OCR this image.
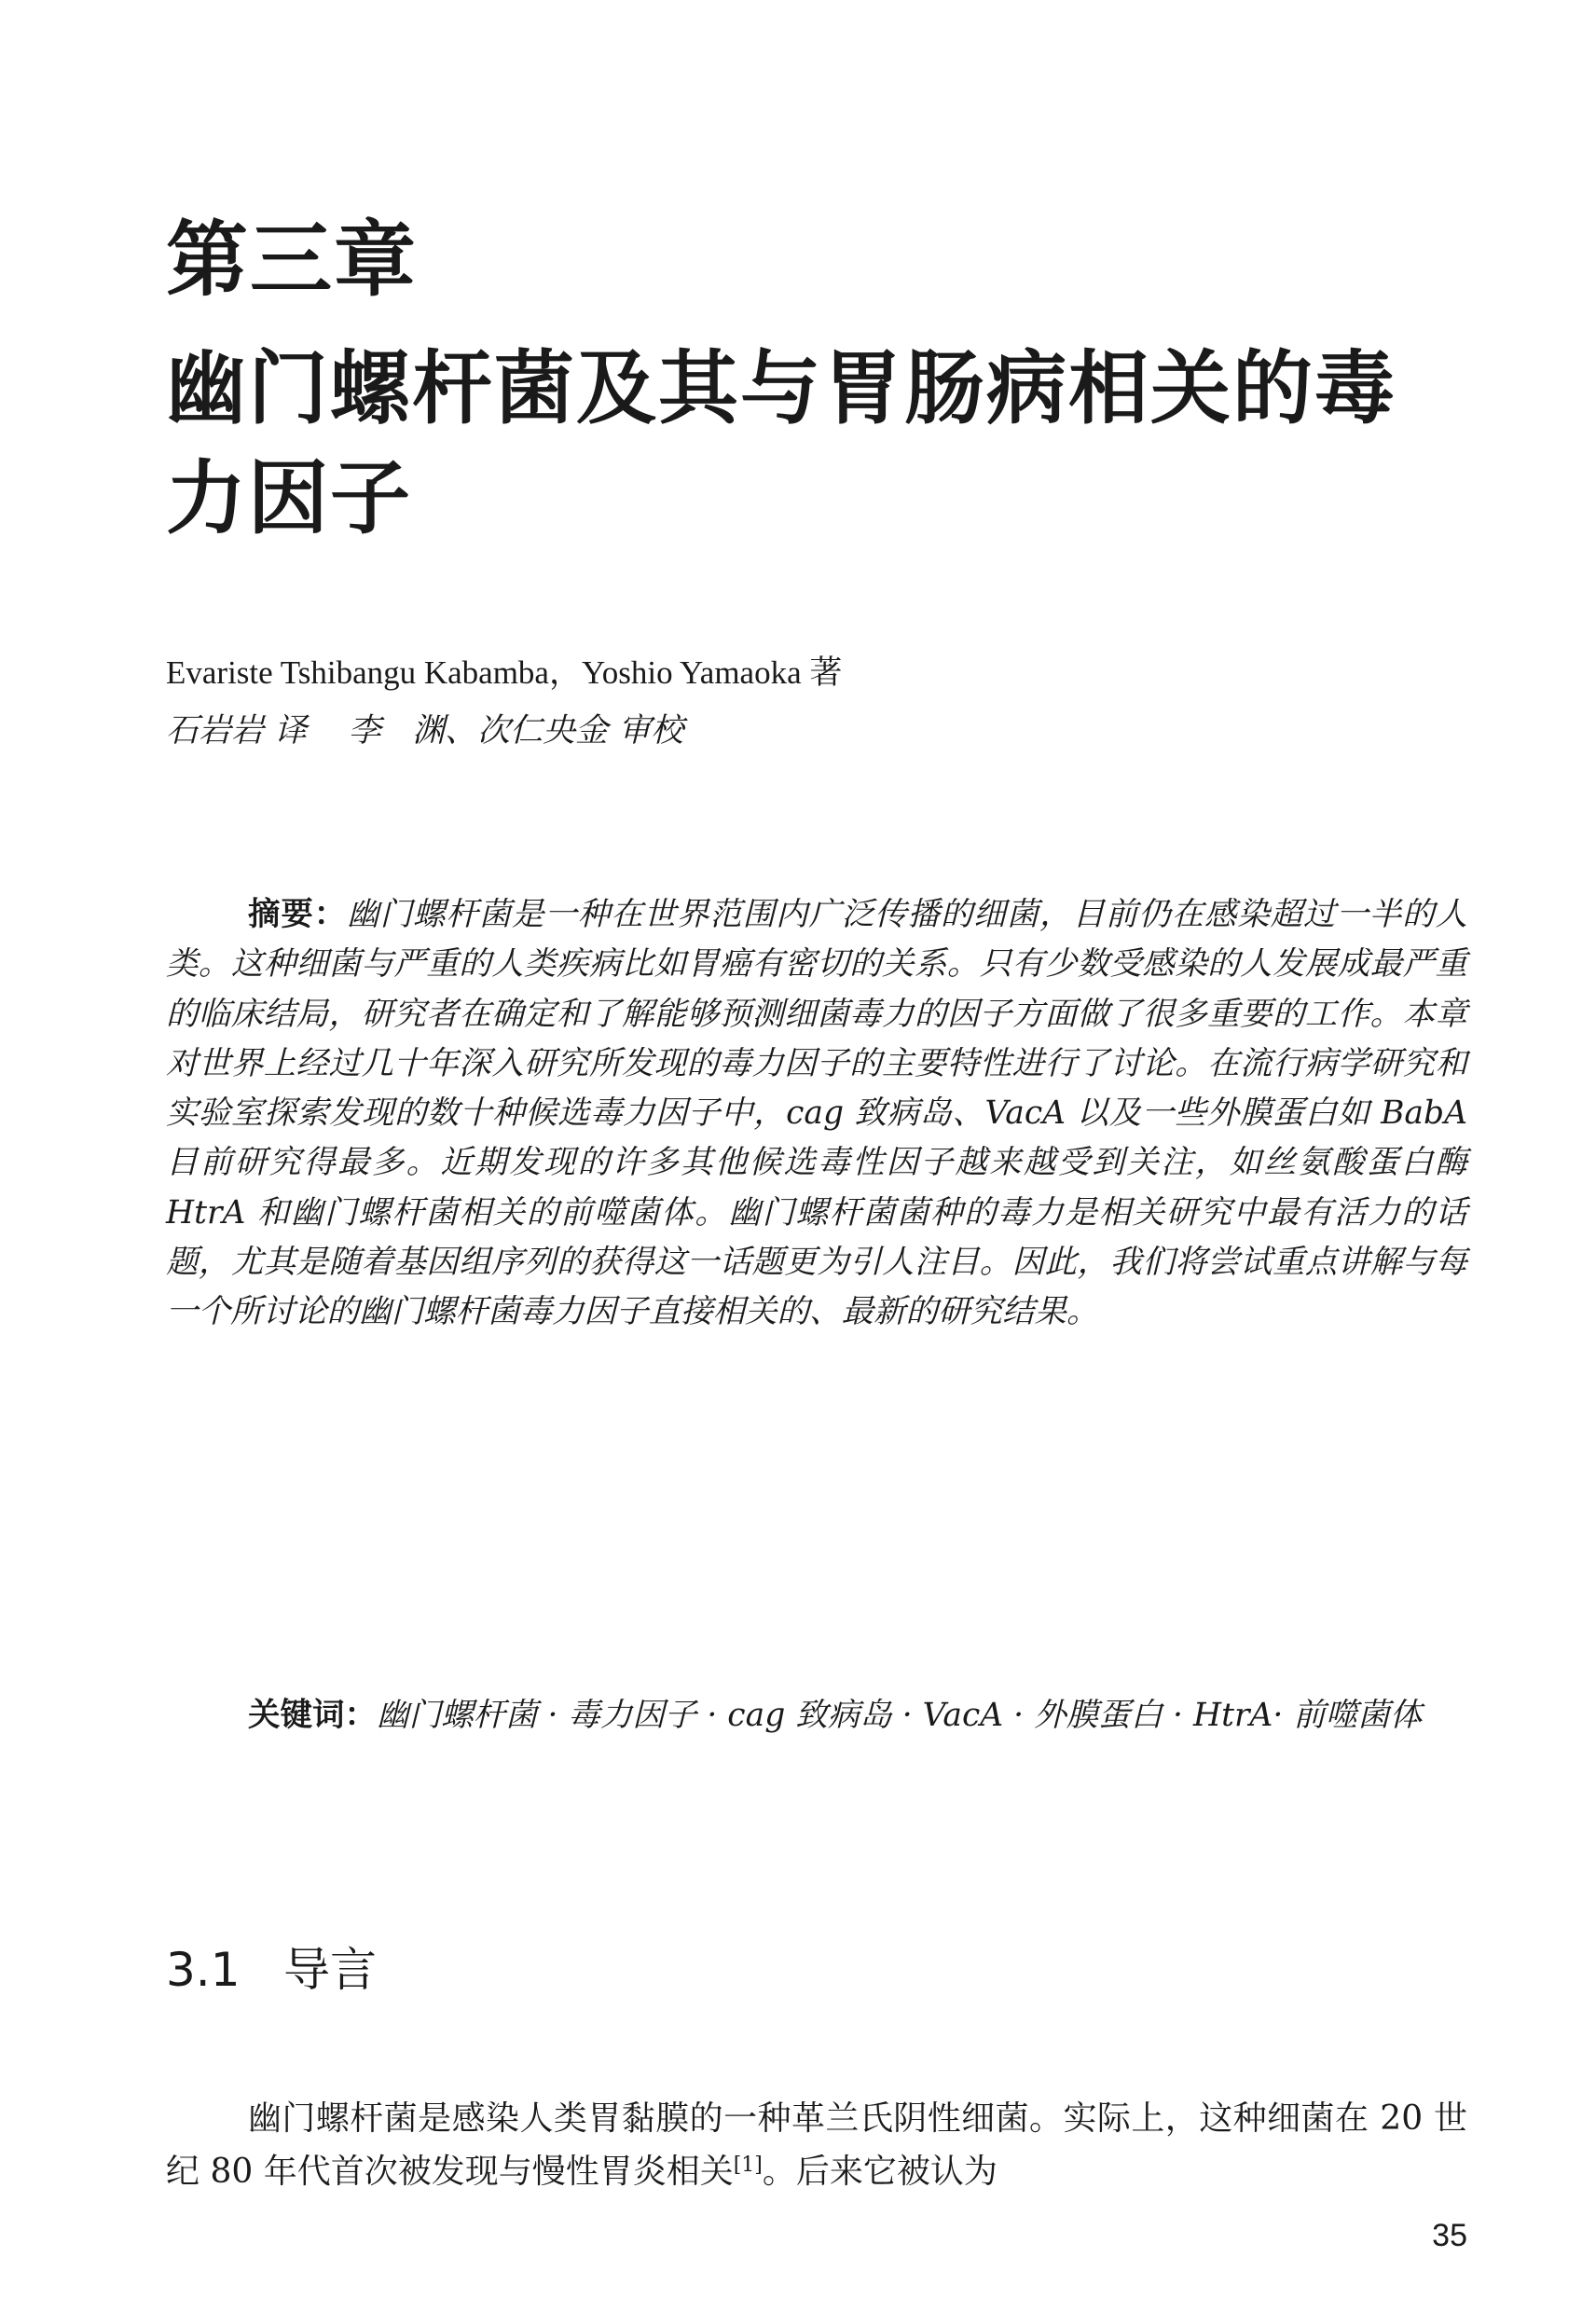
第三章
幽门螺杆菌及其与胃肠病相关的毒力因子
Evariste Tshibangu Kabamba，Yoshio Yamaoka 著
石岩岩 译    李   渊、次仁央金 审校
摘要：幽门螺杆菌是一种在世界范围内广泛传播的细菌，目前仍在感染超过一半的人类。这种细菌与严重的人类疾病比如胃癌有密切的关系。只有少数受感染的人发展成最严重的临床结局，研究者在确定和了解能够预测细菌毒力的因子方面做了很多重要的工作。本章对世界上经过几十年深入研究所发现的毒力因子的主要特性进行了讨论。在流行病学研究和实验室探索发现的数十种候选毒力因子中，cag 致病岛、VacA 以及一些外膜蛋白如 BabA 目前研究得最多。近期发现的许多其他候选毒性因子越来越受到关注，如丝氨酸蛋白酶 HtrA 和幽门螺杆菌相关的前噬菌体。幽门螺杆菌菌种的毒力是相关研究中最有活力的话题，尤其是随着基因组序列的获得这一话题更为引人注目。因此，我们将尝试重点讲解与每一个所讨论的幽门螺杆菌毒力因子直接相关的、最新的研究结果。
关键词：幽门螺杆菌 · 毒力因子 · cag 致病岛 · VacA · 外膜蛋白 · HtrA· 前噬菌体
3.1 导言
幽门螺杆菌是感染人类胃黏膜的一种革兰氏阴性细菌。实际上，这种细菌在 20 世纪 80 年代首次被发现与慢性胃炎相关[1]。后来它被认为
35
